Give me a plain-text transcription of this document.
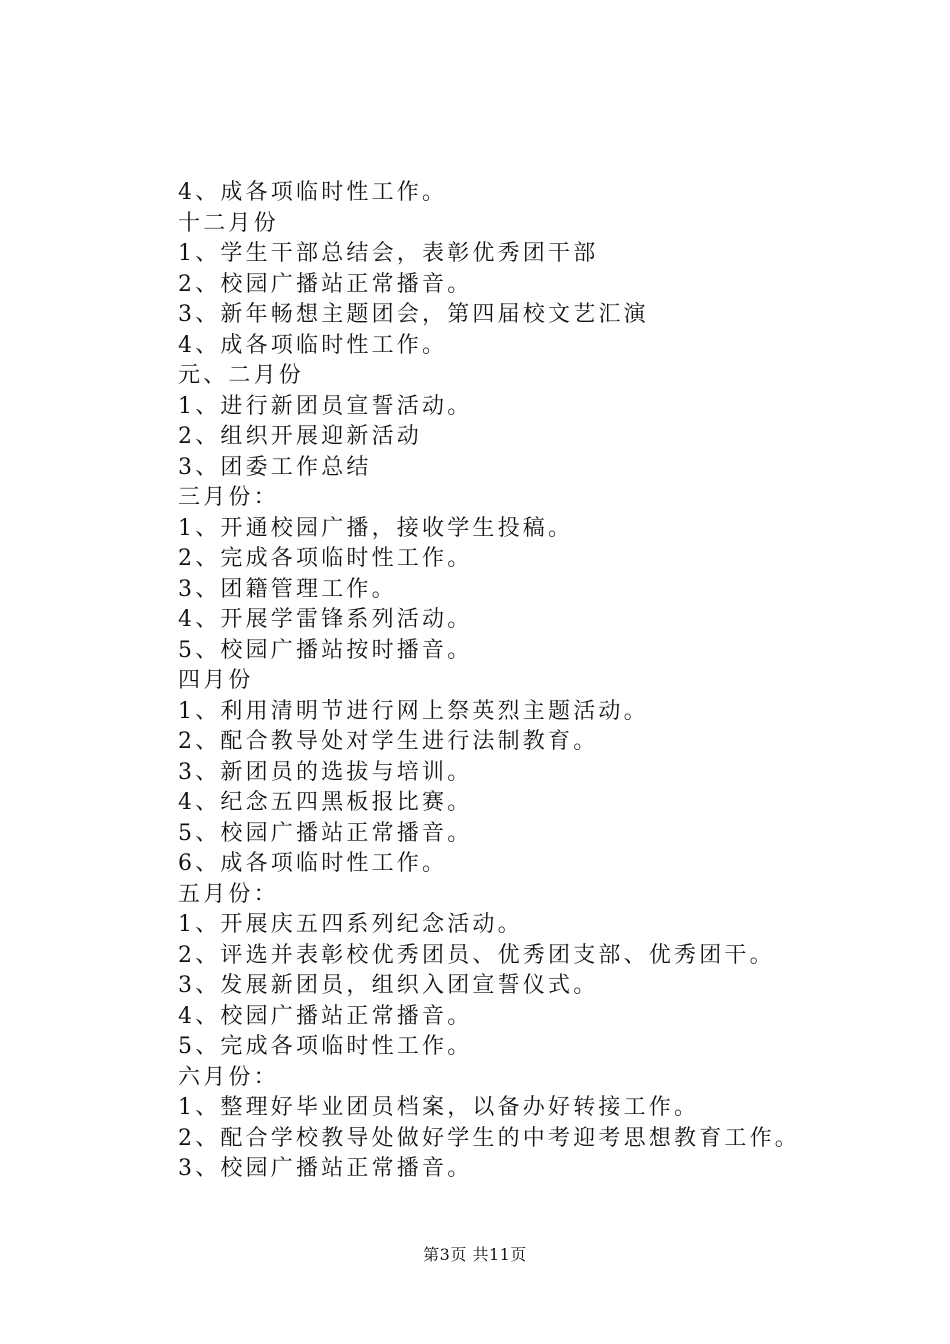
4、成各项临时性工作。
十二月份
1、学生干部总结会，表彰优秀团干部
2、校园广播站正常播音。
3、新年畅想主题团会，第四届校文艺汇演
4、成各项临时性工作。
元、二月份
1、进行新团员宣誓活动。
2、组织开展迎新活动
3、团委工作总结
三月份：
1、开通校园广播，接收学生投稿。
2、完成各项临时性工作。
3、团籍管理工作。
4、开展学雷锋系列活动。
5、校园广播站按时播音。
四月份
1、利用清明节进行网上祭英烈主题活动。
2、配合教导处对学生进行法制教育。
3、新团员的选拔与培训。
4、纪念五四黑板报比赛。
5、校园广播站正常播音。
6、成各项临时性工作。
五月份：
1、开展庆五四系列纪念活动。
2、评选并表彰校优秀团员、优秀团支部、优秀团干。
3、发展新团员，组织入团宣誓仪式。
4、校园广播站正常播音。
5、完成各项临时性工作。
六月份：
1、整理好毕业团员档案，以备办好转接工作。
2、配合学校教导处做好学生的中考迎考思想教育工作。
3、校园广播站正常播音。
第3页 共11页
